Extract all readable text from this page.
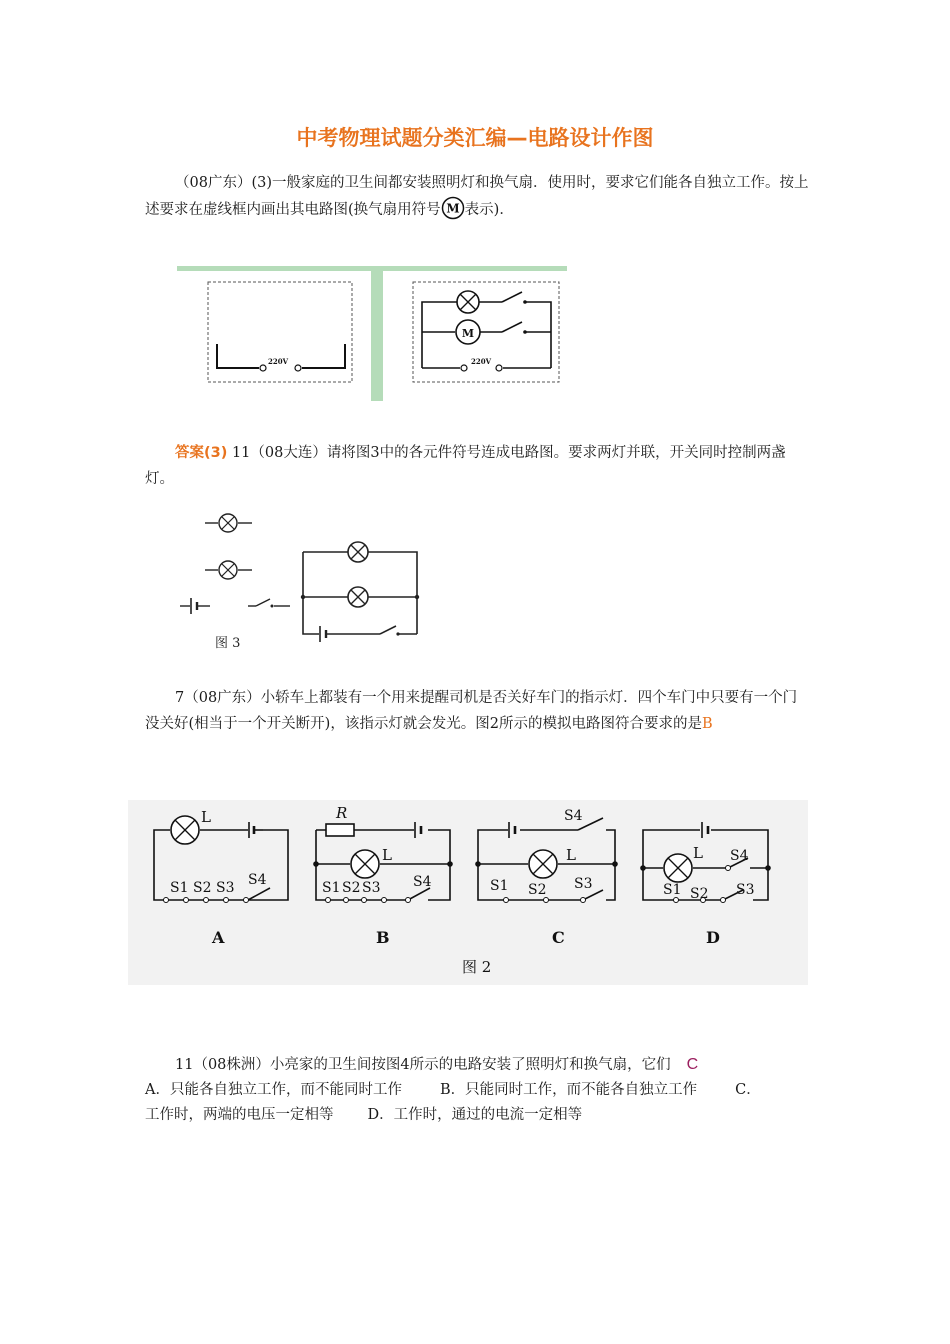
中考物理试题分类汇编—电路设计作图
（08广东）(3)一般家庭的卫生间都安装照明灯和换气扇．使用时，要求它们能各自独立工作。按上述要求在虚线框内画出其电路图(换气扇用符号 M 表示)．
220V
M
220V
答案(3) 11（08大连）请将图3中的各元件符号连成电路图。要求两灯并联，开关同时控制两盏灯。
图 3
7（08广东）小轿车上都装有一个用来提醒司机是否关好车门的指示灯．四个车门中只要有一个门没关好(相当于一个开关断开)，该指示灯就会发光。图2所示的模拟电路图符合要求的是B
L
S1 S2 S3 S4
A
R
L
S1 S2 S3 S4
B
S4
L
S1 S2 S3
C
L S4
S1 S2 S3
D
图 2
11（08株洲）小亮家的卫生间按图4所示的电路安装了照明灯和换气扇，它们 C
A．只能各自独立工作，而不能同时工作	B．只能同时工作，而不能各自独立工作	C．
工作时，两端的电压一定相等 D．工作时，通过的电流一定相等
